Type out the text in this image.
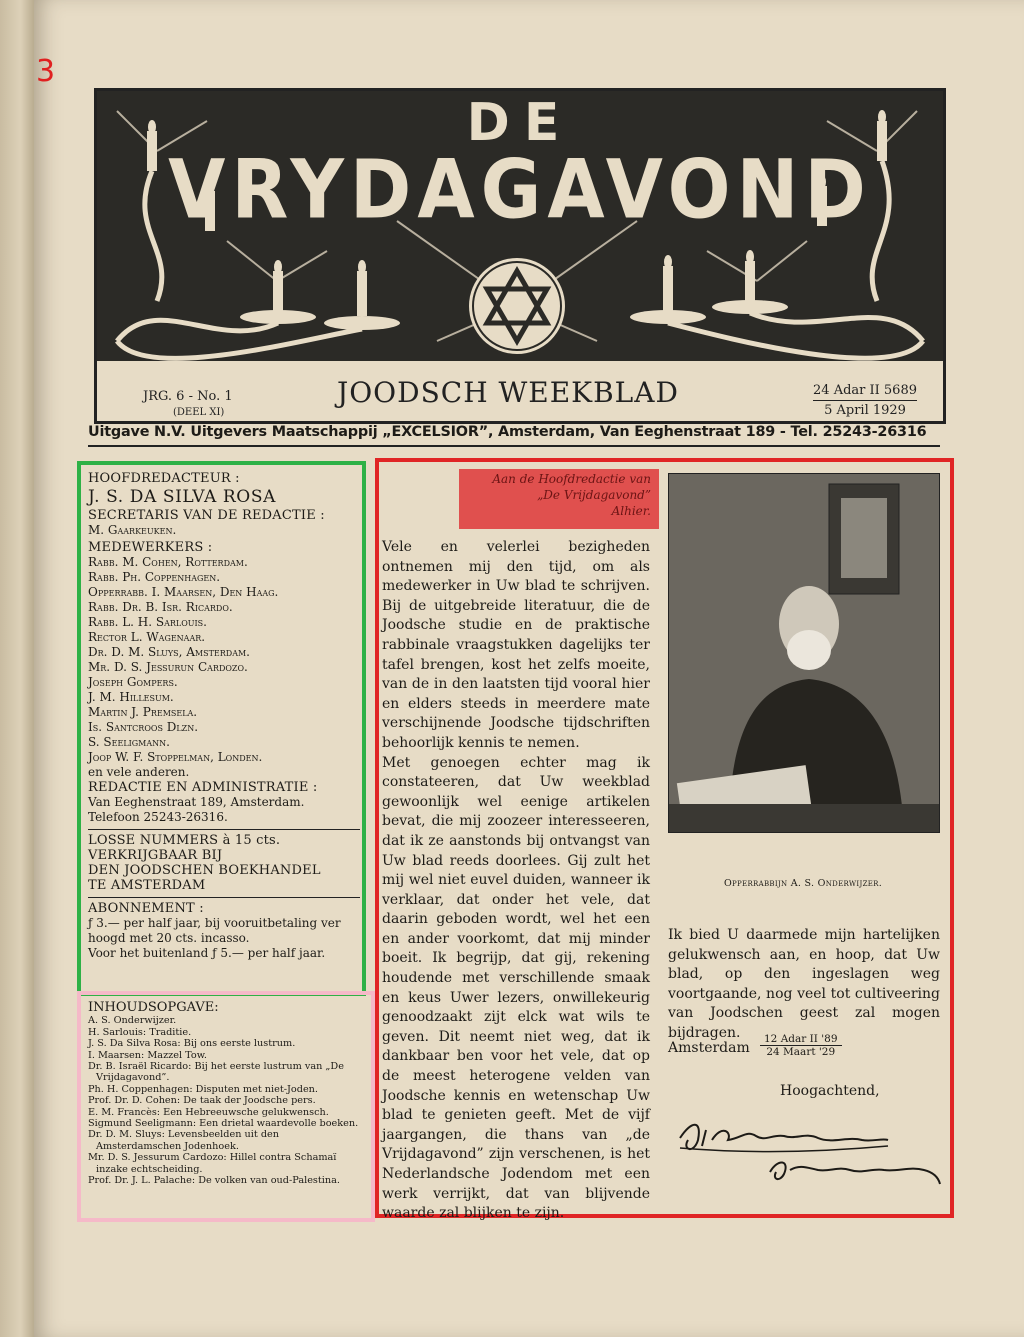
3
DE
VRYDAGAVOND
JRG. 6 - No. 1
(DEEL XI)
JOODSCH WEEKBLAD	24 Adar II 5689
5 April 1929
Uitgave N.V. Uitgevers Maatschappij „EXCELSIOR”, Amsterdam, Van Eeghenstraat 189 - Tel. 25243-26316
HOOFDREDACTEUR :
J. S. DA SILVA ROSA
SECRETARIS VAN DE REDACTIE :
M. Gaarkeuken.
MEDEWERKERS :
Rabb. M. Cohen, Rotterdam.
Rabb. Ph. Coppenhagen.
Opperrabb. I. Maarsen, Den Haag.
Rabb. Dr. B. Isr. Ricardo.
Rabb. L. H. Sarlouis.
Rector L. Wagenaar.
Dr. D. M. Sluys, Amsterdam.
Mr. D. S. Jessurun Cardozo.
Joseph Gompers.
J. M. Hillesum.
Martin J. Premsela.
Is. Santcroos Dlzn.
S. Seeligmann.
Joop W. F. Stoppelman, Londen.
en vele anderen.
REDACTIE EN ADMINISTRATIE :
Van Eeghenstraat 189, Amsterdam.
Telefoon 25243-26316.
LOSSE NUMMERS à 15 cts.
VERKRIJGBAAR BIJ
DEN JOODSCHEN BOEKHANDEL
TE AMSTERDAM
ABONNEMENT :
ƒ 3.— per half jaar, bij vooruitbetaling ver
hoogd met 20 cts. incasso.
Voor het buitenland ƒ 5.— per half jaar.
INHOUDSOPGAVE:
A. S. Onderwijzer.
H. Sarlouis: Traditie.
J. S. Da Silva Rosa: Bij ons eerste lustrum.
I. Maarsen: Mazzel Tow.
Dr. B. Israël Ricardo: Bij het eerste lustrum van „De Vrijdagavond”.
Ph. H. Coppenhagen: Disputen met niet-Joden.
Prof. Dr. D. Cohen: De taak der Joodsche pers.
E. M. Francès: Een Hebreeuwsche gelukwensch.
Sigmund Seeligmann: Een drietal waardevolle boeken.
Dr. D. M. Sluys: Levensbeelden uit den Amsterdamschen Jodenhoek.
Mr. D. S. Jessurum Cardozo: Hillel contra Schamaï inzake echtscheiding.
Prof. Dr. J. L. Palache: De volken van oud-Palestina.
Aan de Hoofdredactie van
„De Vrijdagavond”
Alhier.

Vele en velerlei bezigheden ontnemen mij den tijd, om als medewerker in Uw blad te schrijven. Bij de uitgebreide literatuur, die de Joodsche studie en de praktische rabbinale vraagstukken dagelijks ter tafel brengen, kost het zelfs moeite, van de in den laatsten tijd vooral hier en elders steeds in meerdere mate verschijnende Joodsche tijdschriften behoorlijk kennis te nemen.

Met genoegen echter mag ik constateeren, dat Uw weekblad gewoonlijk wel eenige artikelen bevat, die mij zoozeer interesseeren, dat ik ze aanstonds bij ontvangst van Uw blad reeds doorlees. Gij zult het mij wel niet euvel duiden, wanneer ik verklaar, dat onder het vele, dat daarin geboden wordt, wel het een en ander voorkomt, dat mij minder boeit. Ik begrijp, dat gij, rekening houdende met verschillende smaak en keus Uwer lezers, onwillekeurig genoodzaakt zijt elck wat wils te geven. Dit neemt niet weg, dat ik dankbaar ben voor het vele, dat op de meest heterogene velden van Joodsche kennis en wetenschap Uw blad te genieten geeft. Met de vijf jaargangen, die thans van „de Vrijdagavond” zijn verschenen, is het Nederlandsche Jodendom met een werk verrijkt, dat van blijvende waarde zal blijken te zijn.

Opperrabbijn A. S. Onderwijzer.
Ik bied U daarmede mijn hartelijken gelukwensch aan, en hoop, dat Uw blad, op den ingeslagen weg voortgaande, nog veel tot cultiveering van Joodschen geest zal mogen bijdragen.
Amsterdam
12 Adar II '89
24 Maart '29
Hoogachtend,
